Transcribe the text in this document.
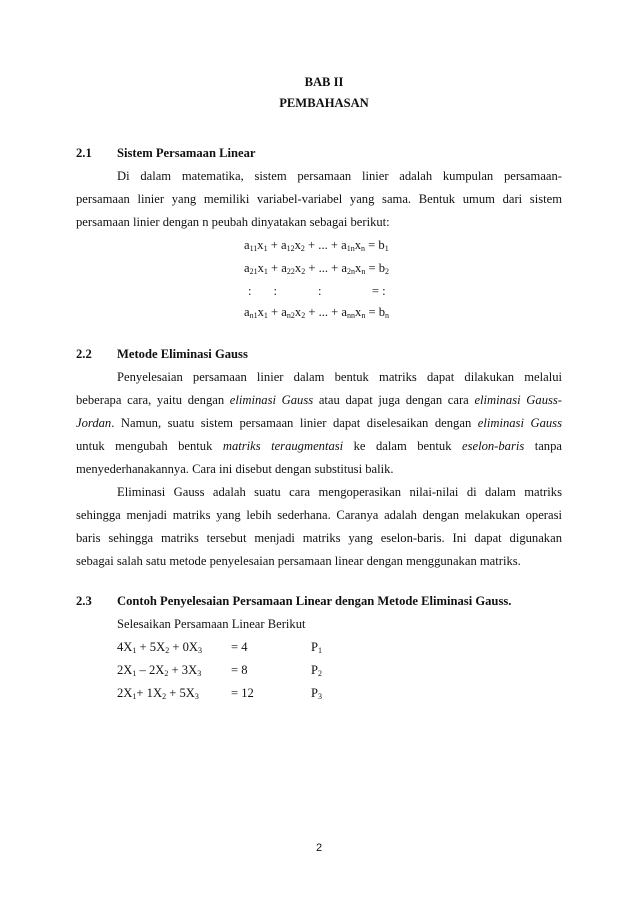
BAB II
PEMBAHASAN
2.1 Sistem Persamaan Linear
Di dalam matematika, sistem persamaan linier adalah kumpulan persamaan-
persamaan linier yang memiliki variabel-variabel yang sama. Bentuk umum dari sistem
persamaan linier dengan n peubah dinyatakan sebagai berikut:
$a_{11}x_1 + a_{12}x_2$ + ... + $a_{1n}x_n = b_1$
$a_{21}x_1 + a_{22}x_2$ + ... + $a_{2n}x_n = b_2$
:       :             :                = :
$a_{n1}x_1 + a_{n2}x_2$ + ... + $a_{nn}x_n = b_n$
2.2 Metode Eliminasi Gauss
Penyelesaian persamaan linier dalam bentuk matriks dapat dilakukan melalui
beberapa cara, yaitu dengan eliminasi Gauss atau dapat juga dengan cara eliminasi Gauss-
Jordan. Namun, suatu sistem persamaan linier dapat diselesaikan dengan eliminasi Gauss
untuk mengubah bentuk matriks teraugmentasi ke dalam bentuk eselon-baris tanpa
menyederhanakannya. Cara ini disebut dengan substitusi balik.
Eliminasi Gauss adalah suatu cara mengoperasikan nilai-nilai di dalam matriks
sehingga menjadi matriks yang lebih sederhana. Caranya adalah dengan melakukan operasi
baris sehingga matriks tersebut menjadi matriks yang eselon-baris. Ini dapat digunakan
sebagai salah satu metode penyelesaian persamaan linear dengan menggunakan matriks.
2.3 Contoh Penyelesaian Persamaan Linear dengan Metode Eliminasi Gauss.
Selesaikan Persamaan Linear Berikut
$4X_1 + 5X_2 + 0X_3 = 4$	$P_1$
$2X_1 - 2X_2 + 3X_3 = 8$	$P_2$
$2X_1+ 1X_2 + 5X_3$	= 12	$P_3$
2
